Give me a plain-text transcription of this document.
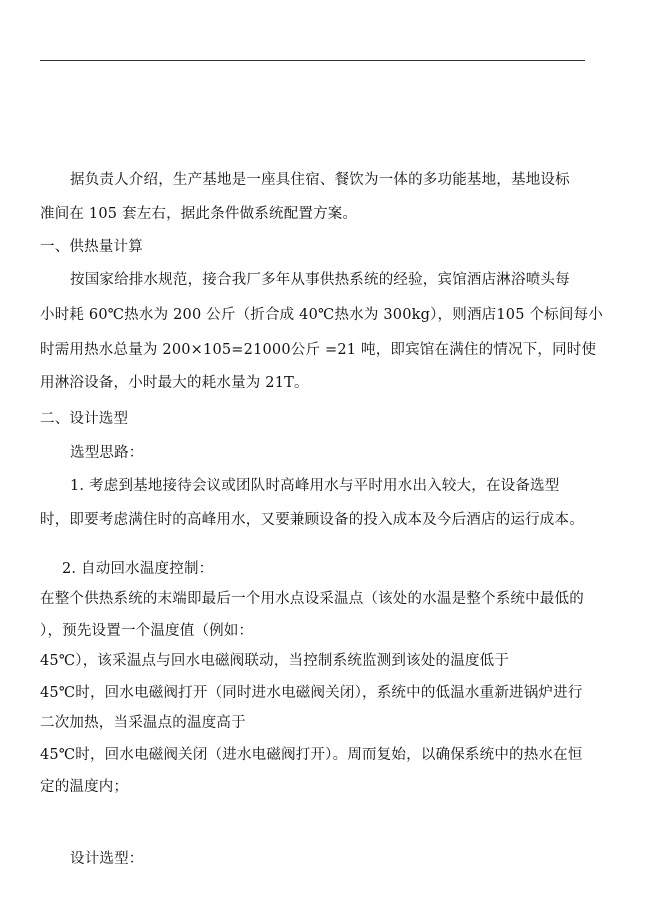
据负责人介绍，生产基地是一座具住宿、餐饮为一体的多功能基地，基地设标
准间在 105 套左右，据此条件做系统配置方案。
一、供热量计算
按国家给排水规范，接合我厂多年从事供热系统的经验，宾馆酒店淋浴喷头每
小时耗 60℃热水为 200 公斤（折合成 40℃热水为 300kg），则酒店105 个标间每小
时需用热水总量为 200×105=21000公斤 =21 吨，即宾馆在满住的情况下，同时使
用淋浴设备，小时最大的耗水量为 21T。
二、设计选型
选型思路：
1. 考虑到基地接待会议或团队时高峰用水与平时用水出入较大，在设备选型
时，即要考虑满住时的高峰用水，又要兼顾设备的投入成本及今后酒店的运行成本。
2. 自动回水温度控制：
在整个供热系统的末端即最后一个用水点设采温点（该处的水温是整个系统中最低的
），预先设置一个温度值（例如：
45℃），该采温点与回水电磁阀联动，当控制系统监测到该处的温度低于
45℃时，回水电磁阀打开（同时进水电磁阀关闭），系统中的低温水重新进锅炉进行
二次加热，当采温点的温度高于
45℃时，回水电磁阀关闭（进水电磁阀打开）。周而复始，以确保系统中的热水在恒
定的温度内；
设计选型：
